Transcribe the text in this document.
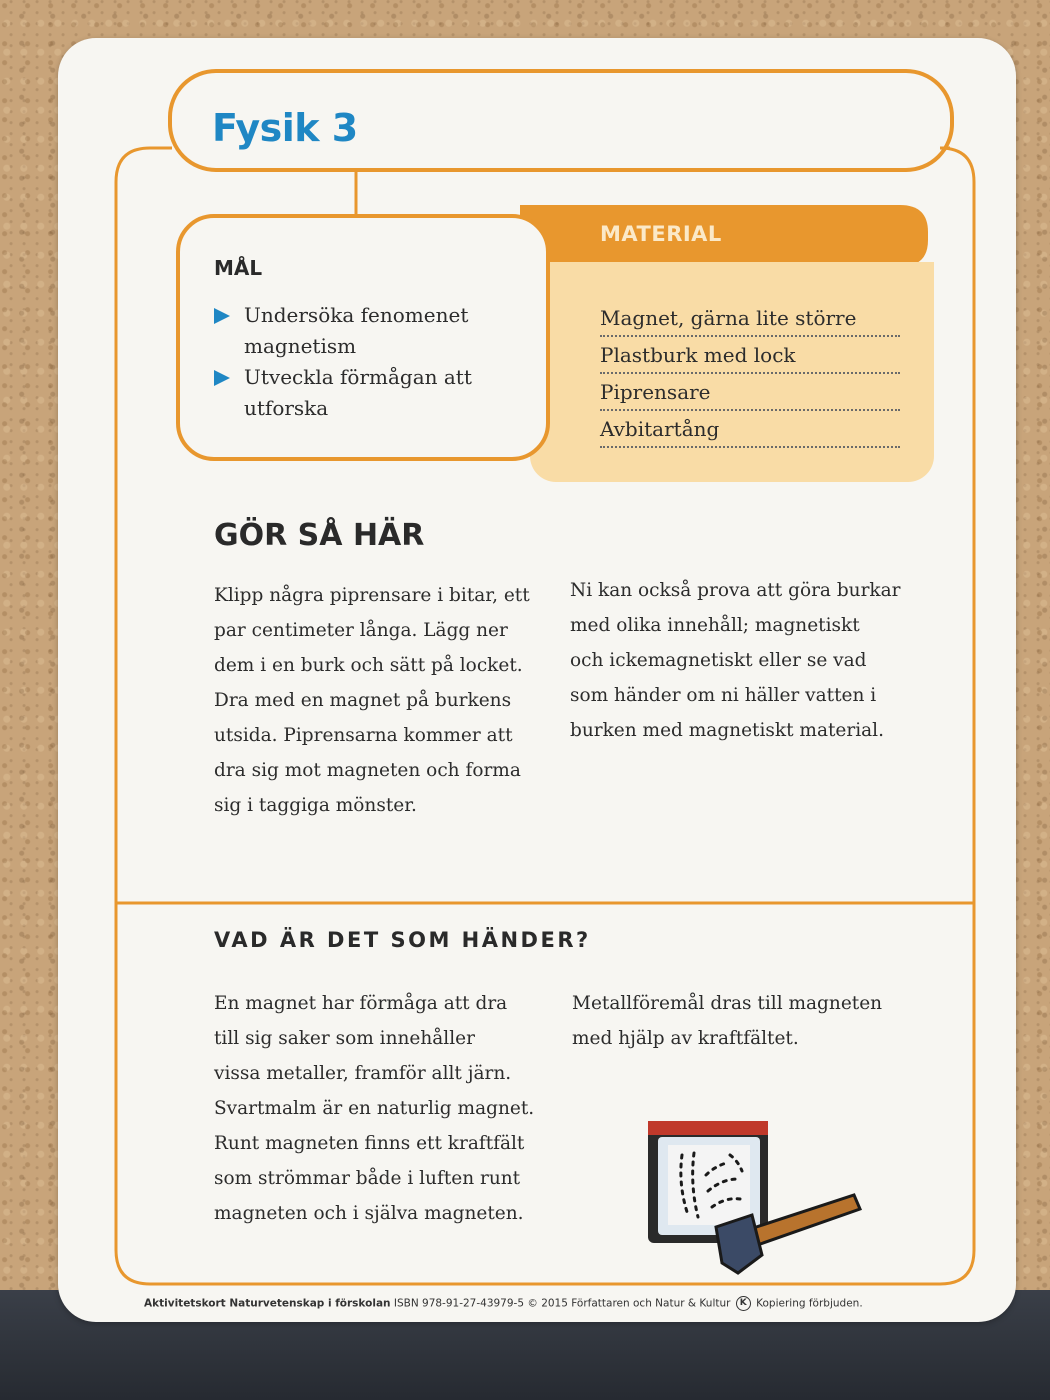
Fysik 3
MÅL
Undersöka fenomenet magnetism
Utveckla förmågan att utforska
MATERIAL
Magnet, gärna lite större
Plastburk med lock
Piprensare
Avbitartång
GÖR SÅ HÄR

Klipp några piprensare i bitar, ett
par centimeter långa. Lägg ner
dem i en burk och sätt på locket.
Dra med en magnet på burkens
utsida. Piprensarna kommer att
dra sig mot magneten och forma
sig i taggiga mönster.

Ni kan också prova att göra burkar
med olika innehåll; magnetiskt
och ickemagnetiskt eller se vad
som händer om ni häller vatten i
burken med magnetiskt material.

VAD ÄR DET SOM HÄNDER?

En magnet har förmåga att dra
till sig saker som innehåller
vissa metaller, framför allt järn.
Svartmalm är en naturlig magnet.
Runt magneten finns ett kraftfält
som strömmar både i luften runt
magneten och i själva magneten.

Metallföremål dras till magneten
med hjälp av kraftfältet.

Aktivitetskort Naturvetenskap i förskolan ISBN 978-91-27-43979-5 © 2015 Författaren och Natur & Kultur K Kopiering förbjuden.
